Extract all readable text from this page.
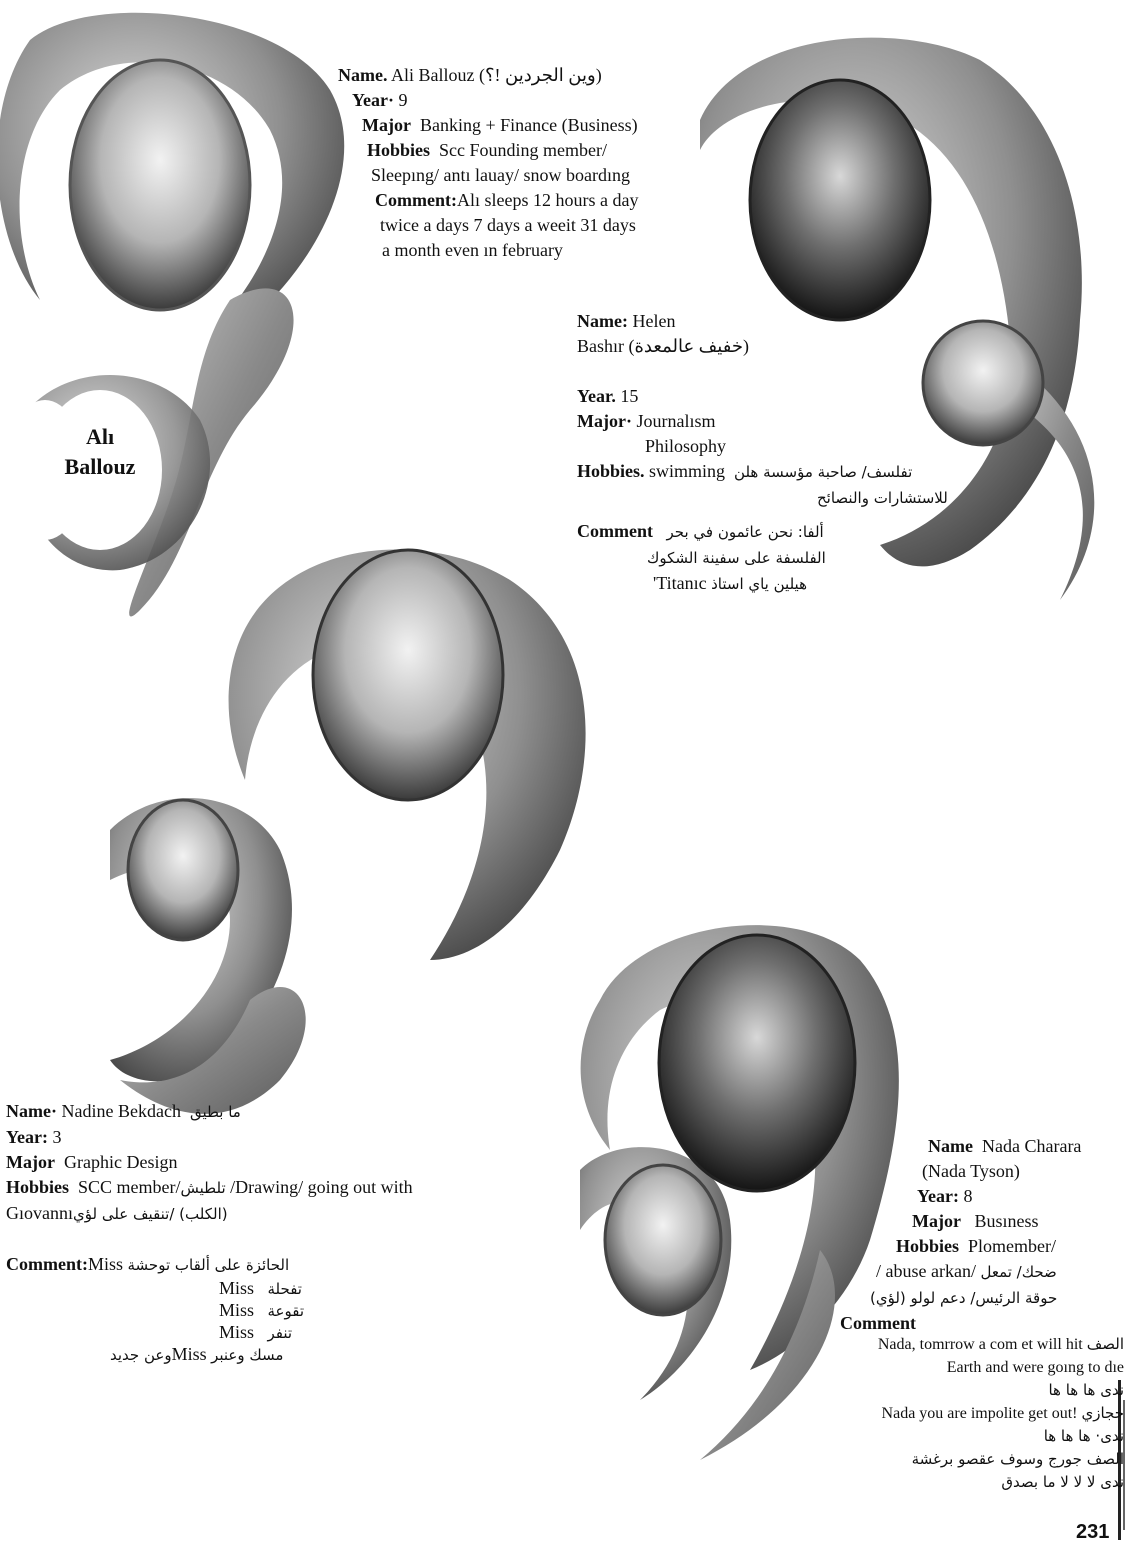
Alı
Ballouz
Name. Ali Ballouz (وين الجردين !؟)
Year· 9
Major Banking + Finance (Business)
Hobbies Scc Founding member/
Sleepıng/ antı lauay/ snow boardıng
Comment:Alı sleeps 12 hours a day
twice a days 7 days a weeit 31 days
a month even ın february
Name: Helen
Bashır (خفيف عالمعدة)

Year. 15
Major· Journalısm
Philosophy
Hobbies. swimming تفلسف/ صاحبة مؤسسة هلن
للاستشارات والنصائح
Comment ألفا: نحن عائمون في بحر
الفلسفة على سفينة الشكوك
'Titanıc هيلين ياي استاذ
Name· Nadine Bekdach ما بطيق
Year: 3
Major Graphic Design
Hobbies SCC member/تلطيش /Drawing/ going out with
Gıovannı(الكلب) /تنقيف على لؤي

Comment:Miss الحائزة على ألقاب توحشة
Miss تفحلة
Miss تقوعة
Miss تنفر
وعن جديدMiss مسك وعنبر
Name Nada Charara
(Nada Tyson)
Year: 8
Major Busıness
Hobbies Plomember/
/ abuse arkan/ ضحك/ تمعل
حوقة الرئيس/ دعم لولو (لؤي)
Comment
Nada, tomrrow a com et will hit الصف
Earth and were goıng to dıe
ندى ها ها ها
Nada you are impolite get out! حجازي
ندى· ها ها ها
الصف جورج وسوف عقصو برغشة
ندى لا لا لا ما بصدق
231
